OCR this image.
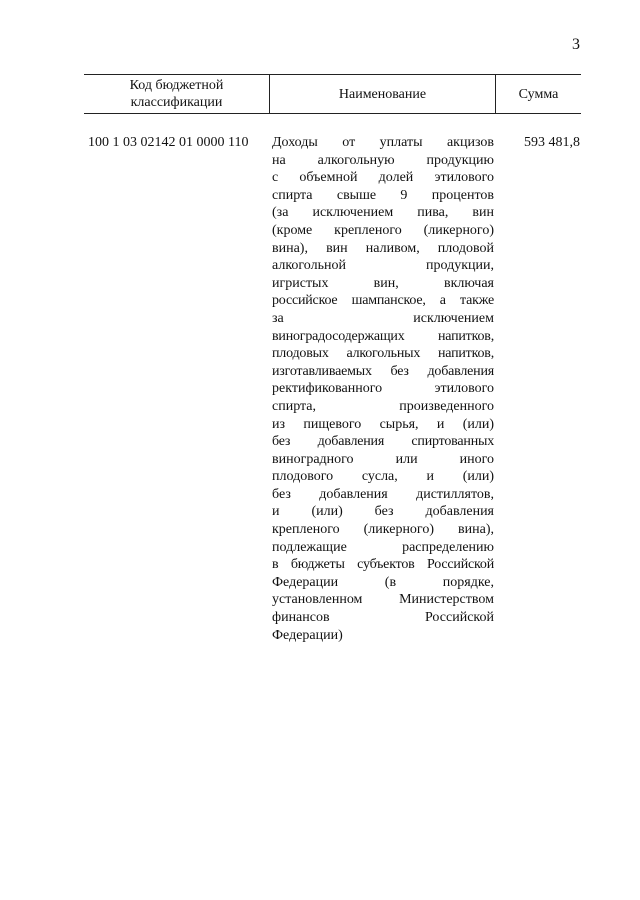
3
Код бюджетной
классификации
Наименование	Сумма
100 1 03 02142 01 0000 110	Доходы от уплаты акцизов
на алкогольную продукцию
с объемной долей этилового
спирта свыше 9 процентов
(за исключением пива, вин
(кроме крепленого (ликерного)
вина), вин наливом, плодовой
алкогольной продукции,
игристых вин, включая
российское шампанское, а также
за исключением
виноградосодержащих напитков,
плодовых алкогольных напитков,
изготавливаемых без добавления
ректификованного этилового
спирта, произведенного
из пищевого сырья, и (или)
без добавления спиртованных
виноградного или иного
плодового сусла, и (или)
без добавления дистиллятов,
и (или) без добавления
крепленого (ликерного) вина),
подлежащие распределению
в бюджеты субъектов Российской
Федерации (в порядке,
установленном Министерством
финансов Российской
Федерации)
593 481,8
